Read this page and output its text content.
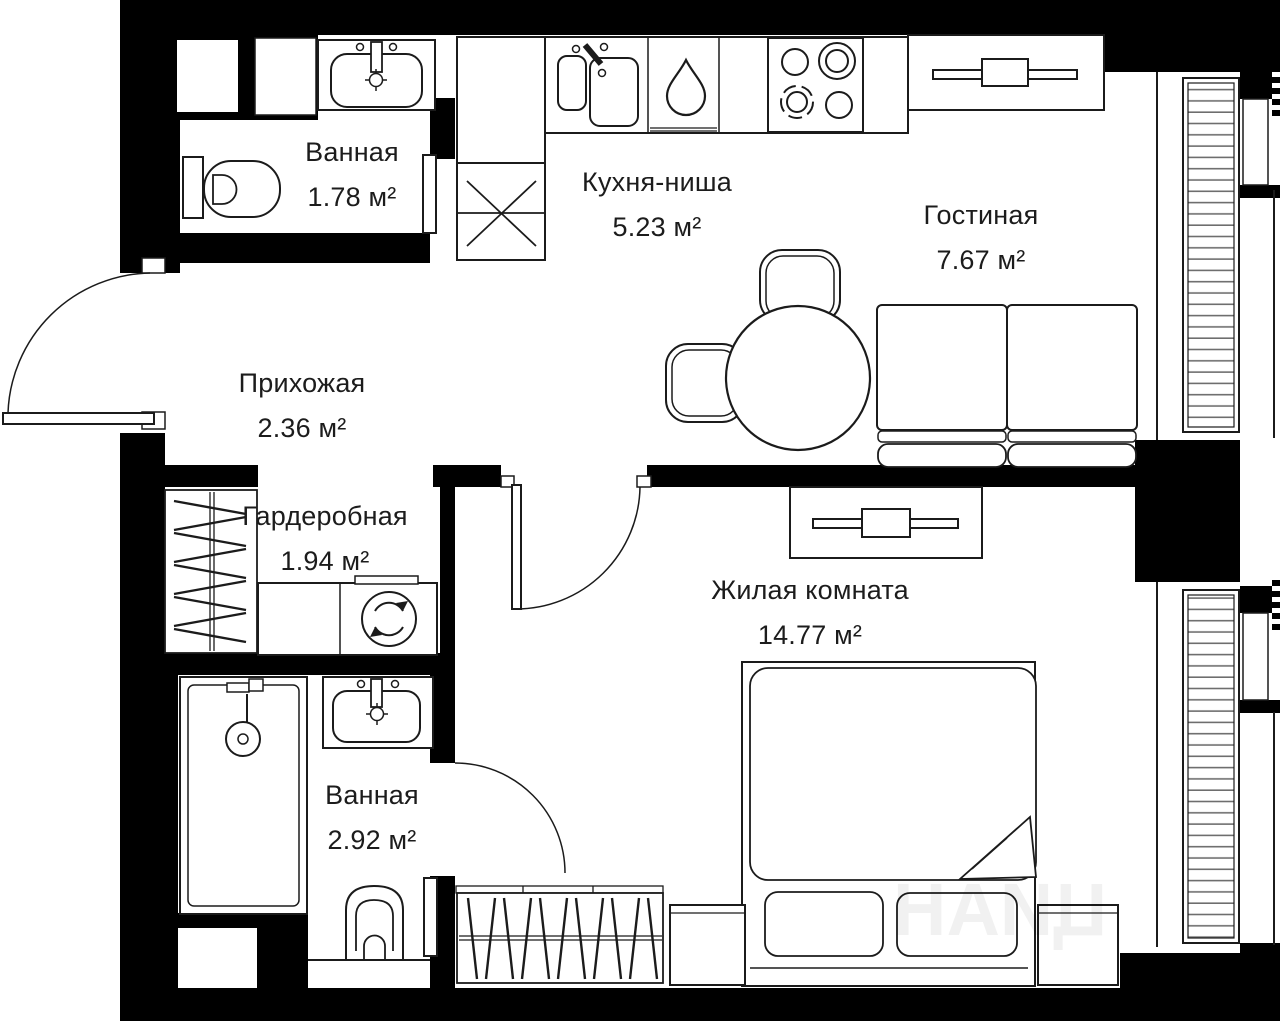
ЦИАН
Ванная
1.78 м²	Кухня-ниша
5.23 м²	Гостиная
7.67 м²
Прихожая
2.36 м²
Гардеробная
1.94 м²
Жилая комната
14.77 м²
Ванная
2.92 м²
